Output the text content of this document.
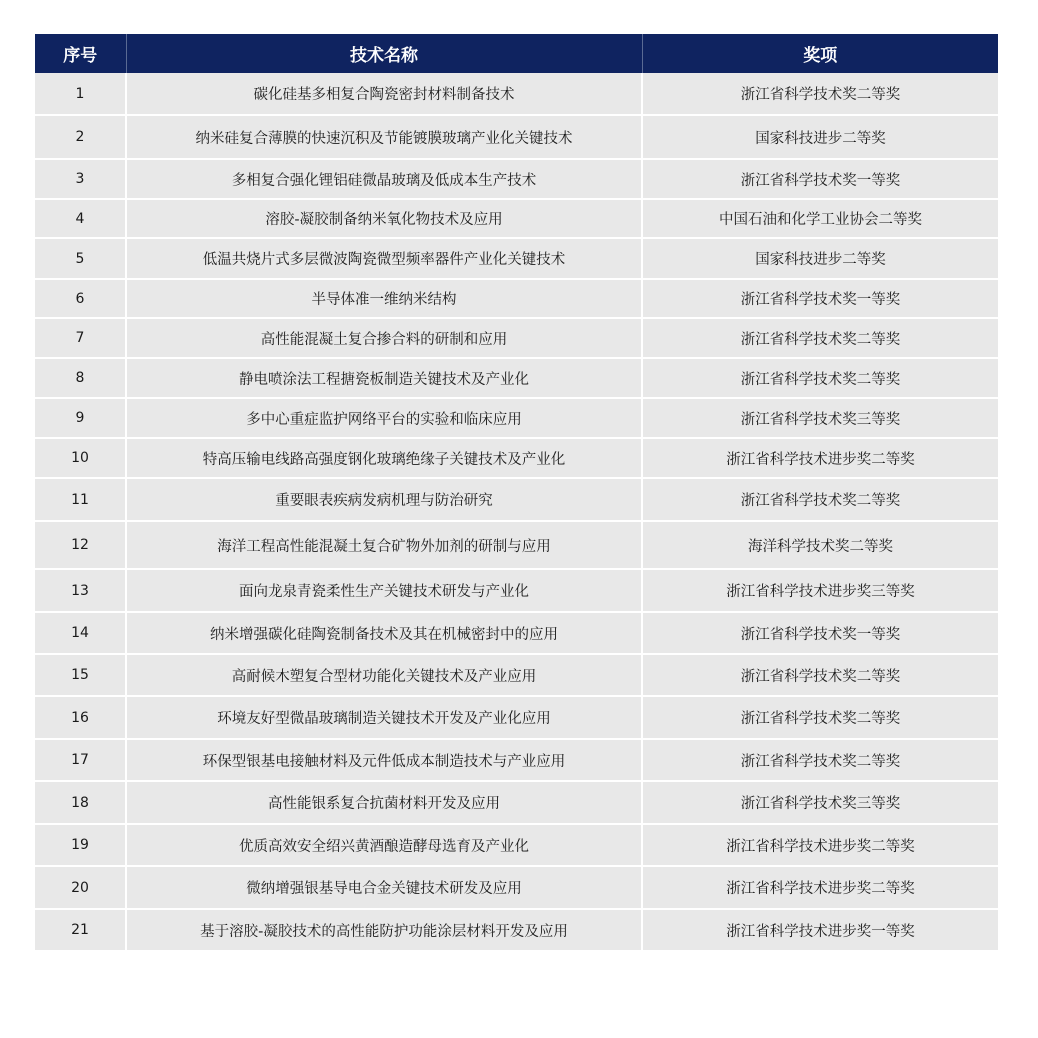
序号	技术名称	奖项
1	碳化硅基多相复合陶瓷密封材料制备技术	浙江省科学技术奖二等奖
2	纳米硅复合薄膜的快速沉积及节能镀膜玻璃产业化关键技术	国家科技进步二等奖
3	多相复合强化锂铝硅微晶玻璃及低成本生产技术	浙江省科学技术奖一等奖
4	溶胶-凝胶制备纳米氧化物技术及应用	中国石油和化学工业协会二等奖
5	低温共烧片式多层微波陶瓷微型频率器件产业化关键技术	国家科技进步二等奖
6	半导体准一维纳米结构	浙江省科学技术奖一等奖
7	高性能混凝土复合掺合料的研制和应用	浙江省科学技术奖二等奖
8	静电喷涂法工程搪瓷板制造关键技术及产业化	浙江省科学技术奖二等奖
9	多中心重症监护网络平台的实验和临床应用	浙江省科学技术奖三等奖
10	特高压输电线路高强度钢化玻璃绝缘子关键技术及产业化	浙江省科学技术进步奖二等奖
11	重要眼表疾病发病机理与防治研究	浙江省科学技术奖二等奖
12	海洋工程高性能混凝土复合矿物外加剂的研制与应用	海洋科学技术奖二等奖
13	面向龙泉青瓷柔性生产关键技术研发与产业化	浙江省科学技术进步奖三等奖
14	纳米增强碳化硅陶瓷制备技术及其在机械密封中的应用	浙江省科学技术奖一等奖
15	高耐候木塑复合型材功能化关键技术及产业应用	浙江省科学技术奖二等奖
16	环境友好型微晶玻璃制造关键技术开发及产业化应用	浙江省科学技术奖二等奖
17	环保型银基电接触材料及元件低成本制造技术与产业应用	浙江省科学技术奖二等奖
18	高性能银系复合抗菌材料开发及应用	浙江省科学技术奖三等奖
19	优质高效安全绍兴黄酒酿造酵母选育及产业化	浙江省科学技术进步奖二等奖
20	微纳增强银基导电合金关键技术研发及应用	浙江省科学技术进步奖二等奖
21	基于溶胶-凝胶技术的高性能防护功能涂层材料开发及应用	浙江省科学技术进步奖一等奖
